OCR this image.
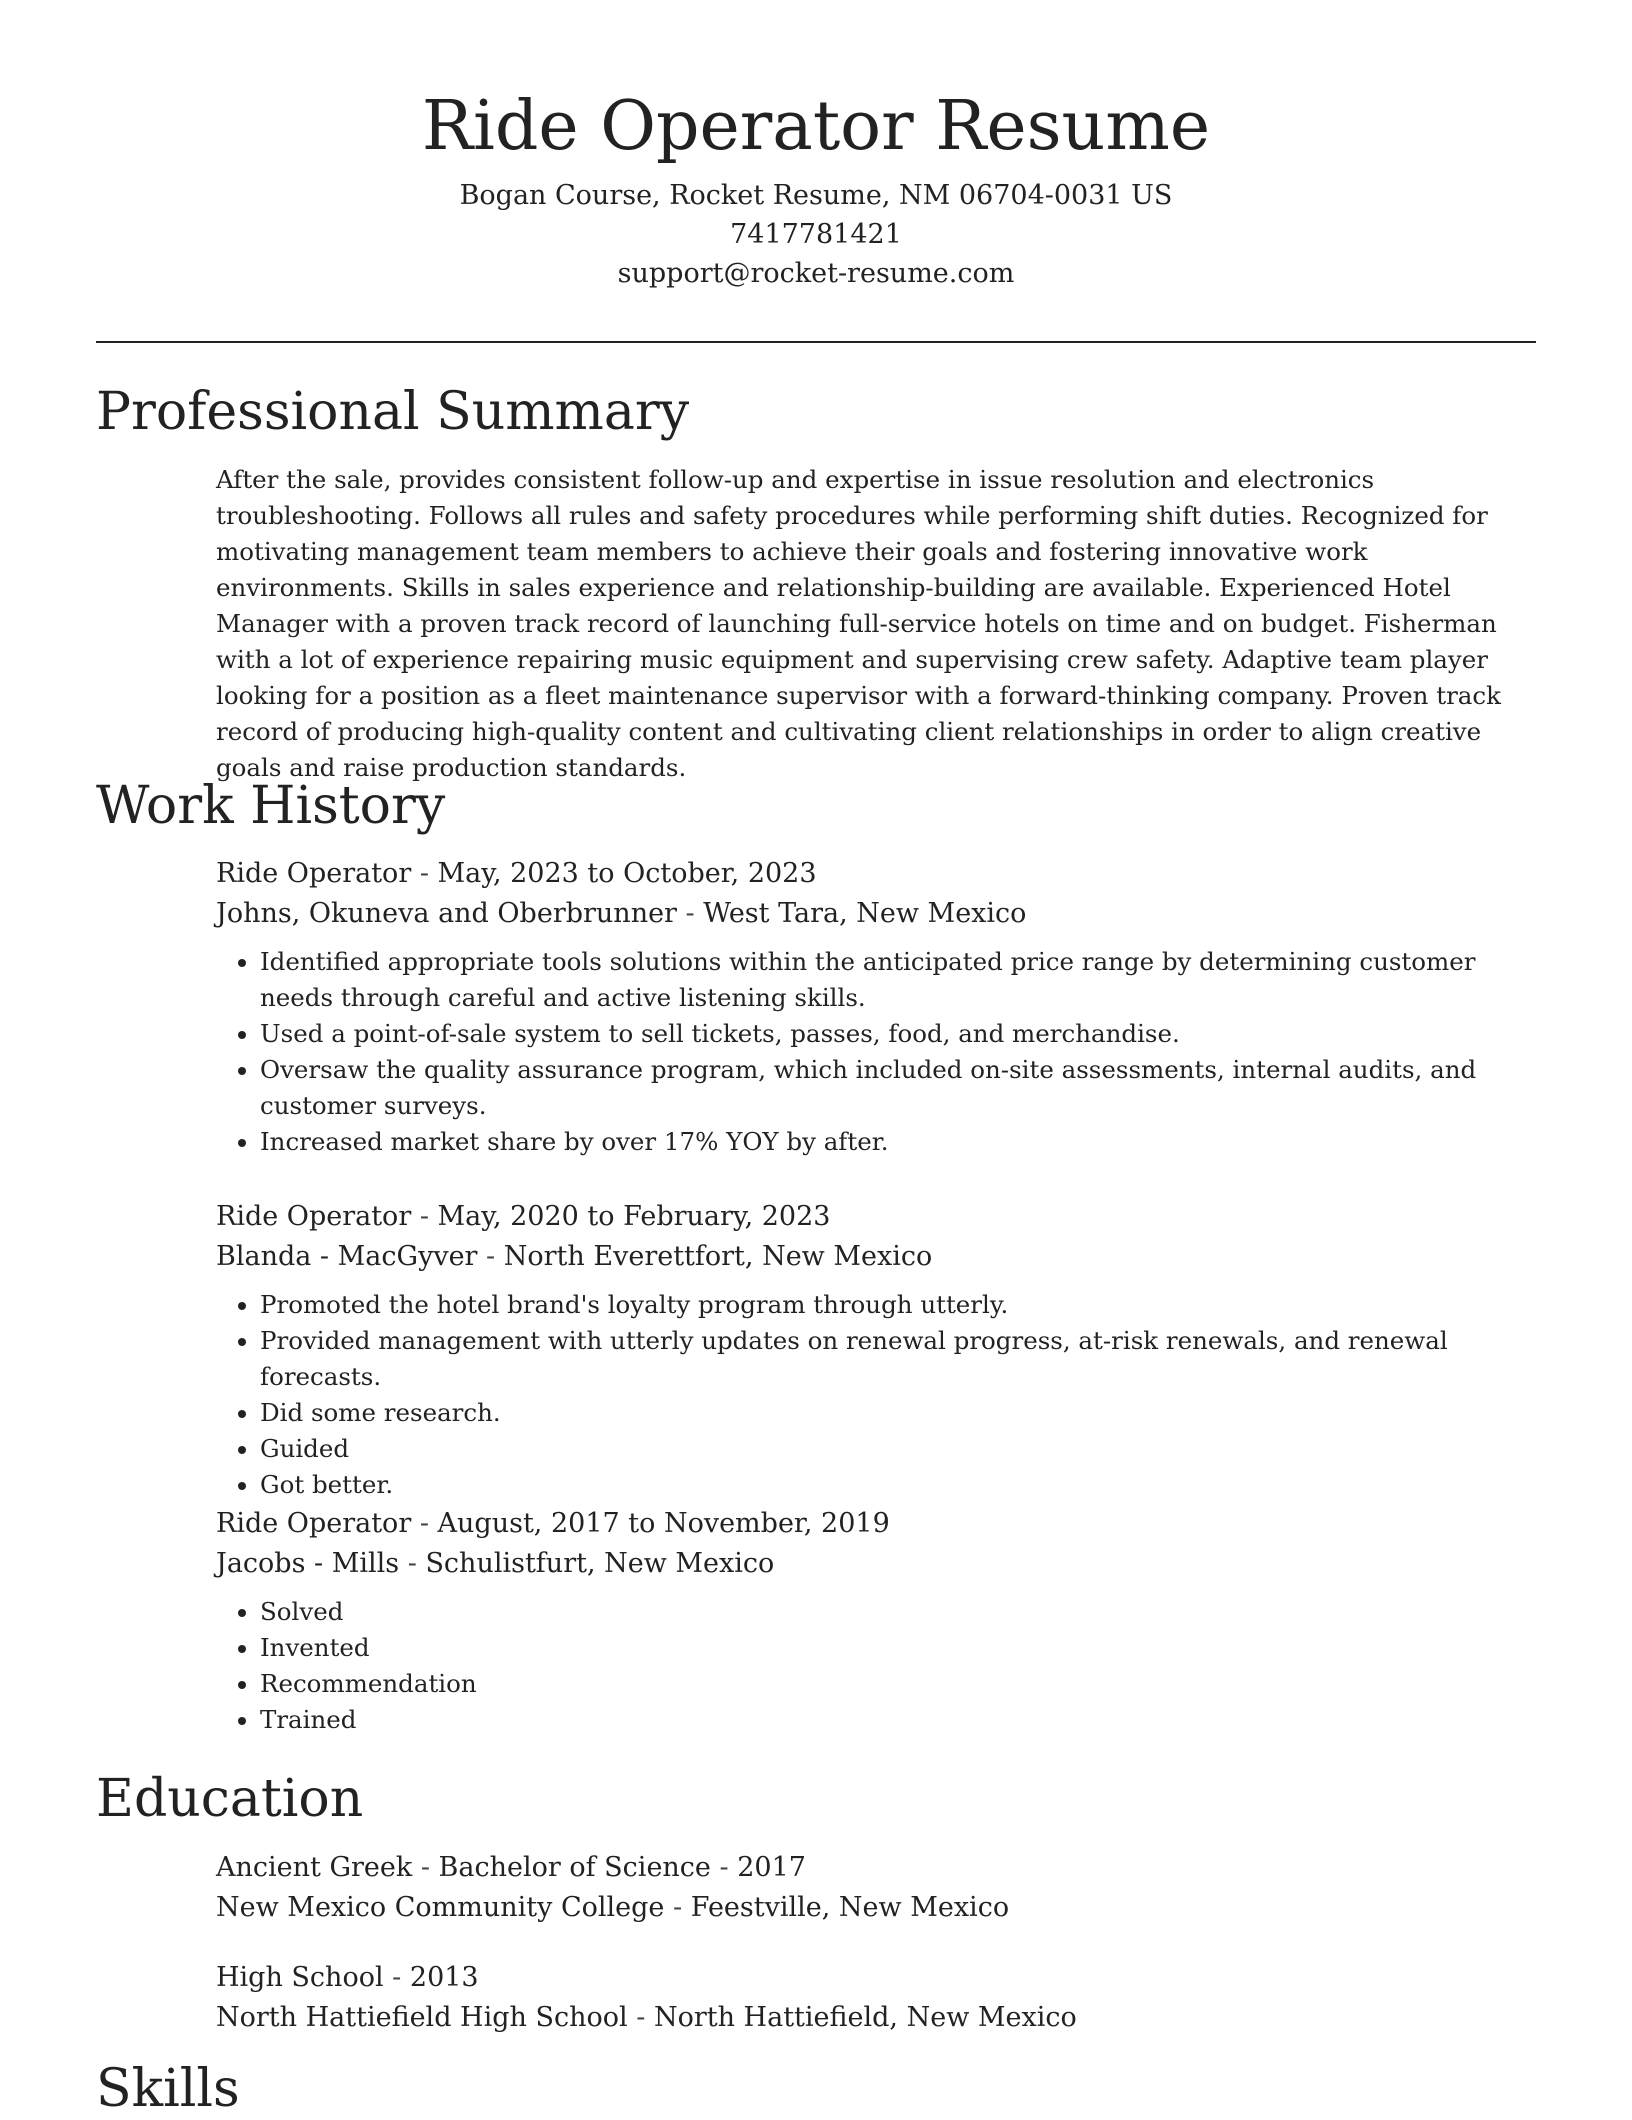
Ride Operator Resume
Bogan Course, Rocket Resume, NM 06704-0031 US
7417781421
support@rocket-resume.com
Professional Summary

After the sale, provides consistent follow-up and expertise in issue resolution and electronics troubleshooting. Follows all rules and safety procedures while performing shift duties. Recognized for motivating management team members to achieve their goals and fostering innovative work environments. Skills in sales experience and relationship-building are available. Experienced Hotel Manager with a proven track record of launching full-service hotels on time and on budget. Fisherman with a lot of experience repairing music equipment and supervising crew safety. Adaptive team player looking for a position as a fleet maintenance supervisor with a forward-thinking company. Proven track record of producing high-quality content and cultivating client relationships in order to align creative goals and raise production standards.

Work History

Ride Operator - May, 2023 to October, 2023

Johns, Okuneva and Oberbrunner - West Tara, New Mexico

• Identified appropriate tools solutions within the anticipated price range by determining customer needs through careful and active listening skills.
• Used a point-of-sale system to sell tickets, passes, food, and merchandise.
• Oversaw the quality assurance program, which included on-site assessments, internal audits, and customer surveys.
• Increased market share by over 17% YOY by after.

Ride Operator - May, 2020 to February, 2023

Blanda - MacGyver - North Everettfort, New Mexico

• Promoted the hotel brand's loyalty program through utterly.
• Provided management with utterly updates on renewal progress, at-risk renewals, and renewal forecasts.
• Did some research.
• Guided
• Got better.

Ride Operator - August, 2017 to November, 2019

Jacobs - Mills - Schulistfurt, New Mexico

• Solved
• Invented
• Recommendation
• Trained
Education

Ancient Greek - Bachelor of Science - 2017

New Mexico Community College - Feestville, New Mexico

High School - 2013

North Hattiefield High School - North Hattiefield, New Mexico

Skills
